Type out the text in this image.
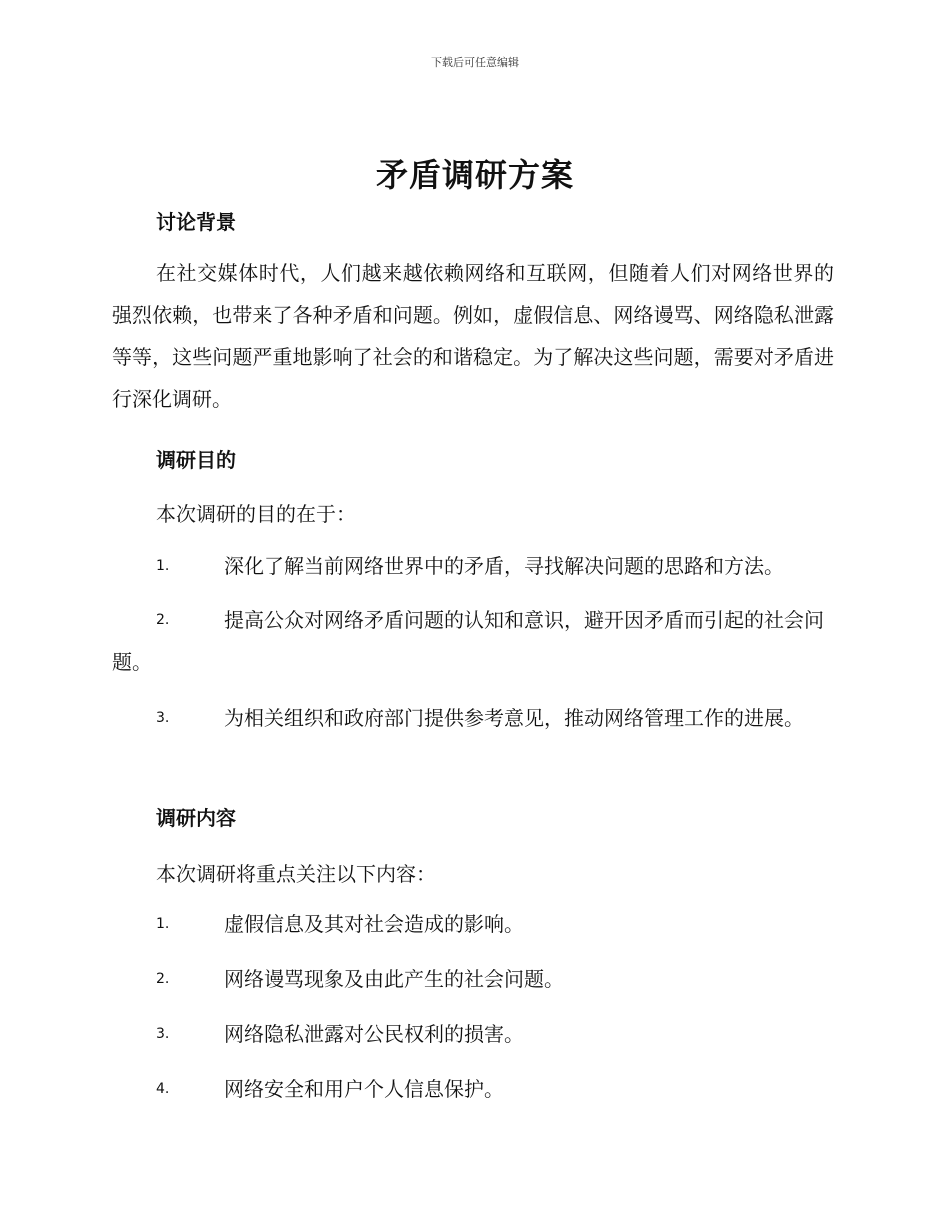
下载后可任意编辑
矛盾调研方案
讨论背景
在社交媒体时代，人们越来越依赖网络和互联网，但随着人们对网络世界的强烈依赖，也带来了各种矛盾和问题。例如，虚假信息、网络谩骂、网络隐私泄露等等，这些问题严重地影响了社会的和谐稳定。为了解决这些问题，需要对矛盾进行深化调研。
调研目的
本次调研的目的在于：
1.	深化了解当前网络世界中的矛盾，寻找解决问题的思路和方法。
2.	提高公众对网络矛盾问题的认知和意识，避开因矛盾而引起的社会问题。
3.	为相关组织和政府部门提供参考意见，推动网络管理工作的进展。
调研内容
本次调研将重点关注以下内容：
1.	虚假信息及其对社会造成的影响。
2.	网络谩骂现象及由此产生的社会问题。
3.	网络隐私泄露对公民权利的损害。
4.	网络安全和用户个人信息保护。
